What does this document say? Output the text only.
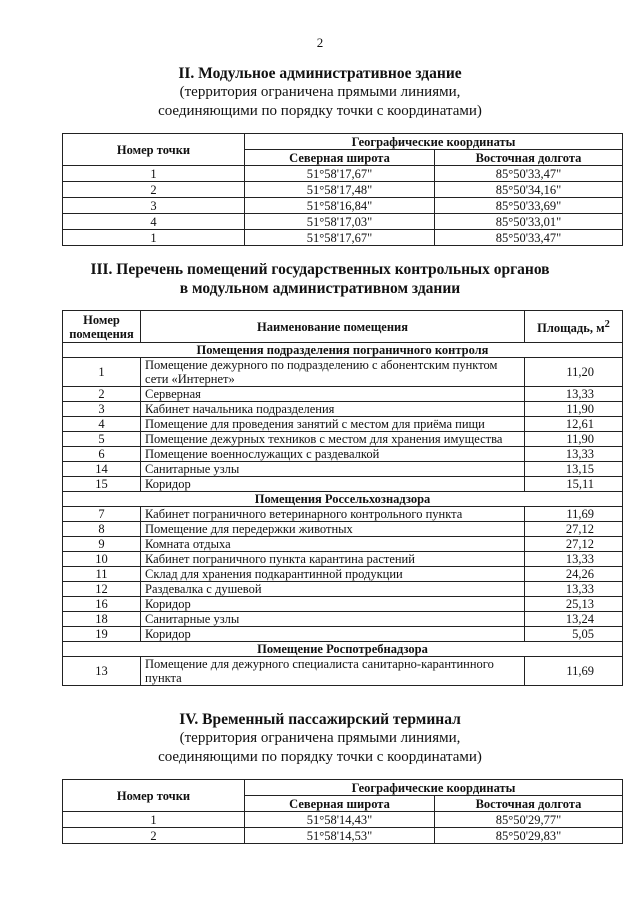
2
II. Модульное административное здание
(территория ограничена прямыми линиями,
соединяющими по порядку точки с координатами)
Номер точки	Географические координаты	
	Северная широта	Восточная долгота
1	51°58'17,67"	85°50'33,47"
2	51°58'17,48"	85°50'34,16"
3	51°58'16,84"	85°50'33,69"
4	51°58'17,03"	85°50'33,01"
1	51°58'17,67"	85°50'33,47"
III. Перечень помещений государственных контрольных органов
в модульном административном здании
Номер
помещения	Наименование помещения	Площадь, $м^2$
Помещения подразделения пограничного контроля		
1	Помещение дежурного по подразделению с абонентским пунктом сети «Интернет»	11,20
2	Серверная	13,33
3	Кабинет начальника подразделения	11,90
4	Помещение для проведения занятий с местом для приёма пищи	12,61
5	Помещение дежурных техников с местом для хранения имущества	11,90
6	Помещение военнослужащих с раздевалкой	13,33
14	Санитарные узлы	13,15
15	Коридор	15,11
Помещения Россельхознадзора		
7	Кабинет пограничного ветеринарного контрольного пункта	11,69
8	Помещение для передержки животных	27,12
9	Комната отдыха	27,12
10	Кабинет пограничного пункта карантина растений	13,33
11	Склад для хранения подкарантинной продукции	24,26
12	Раздевалка с душевой	13,33
16	Коридор	25,13
18	Санитарные узлы	13,24
19	Коридор	5,05
Помещение Роспотребнадзора		
13	Помещение для дежурного специалиста санитарно-карантинного пункта	11,69
IV. Временный пассажирский терминал
(территория ограничена прямыми линиями,
соединяющими по порядку точки с координатами)
Номер точки	Географические координаты	
	Северная широта	Восточная долгота
1	51°58'14,43"	85°50'29,77"
2	51°58'14,53"	85°50'29,83"
